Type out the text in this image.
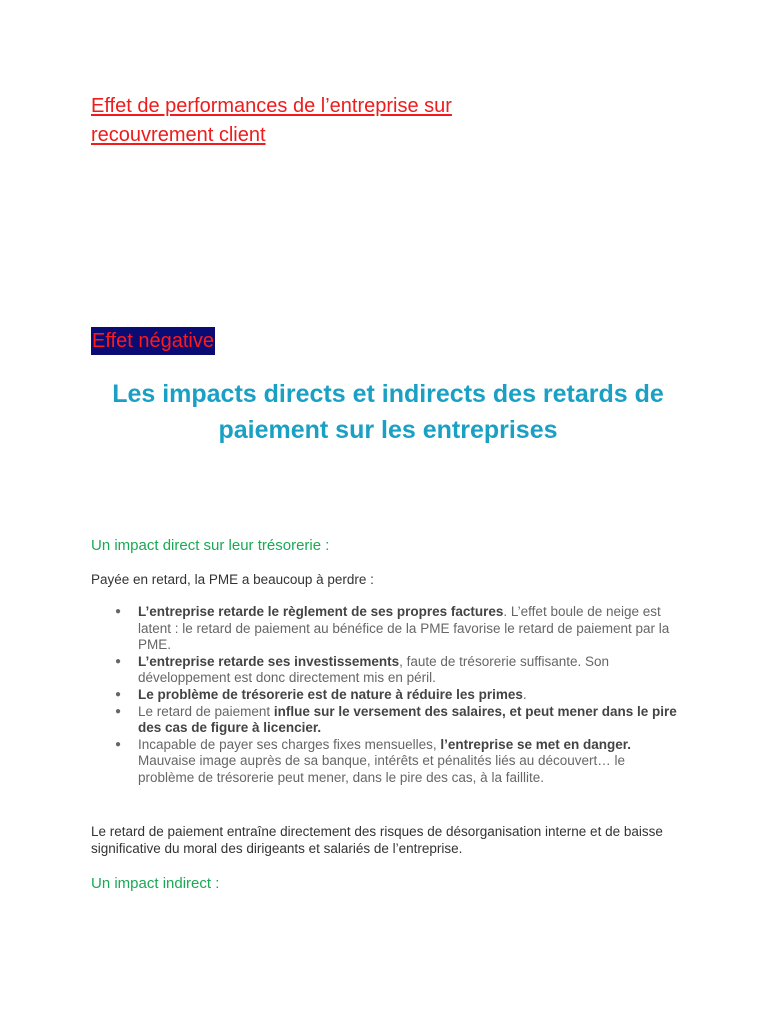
Effet de performances de l’entreprise sur
recouvrement client
Effet négative
Les impacts directs et indirects des retards de paiement sur les entreprises
Un impact direct sur leur trésorerie :

Payée en retard, la PME a beaucoup à perdre :

● L’entreprise retarde le règlement de ses propres factures. L’effet boule de neige est latent : le retard de paiement au bénéfice de la PME favorise le retard de paiement par la PME.
● L’entreprise retarde ses investissements, faute de trésorerie suffisante. Son développement est donc directement mis en péril.
● Le problème de trésorerie est de nature à réduire les primes.
● Le retard de paiement influe sur le versement des salaires, et peut mener dans le pire des cas de figure à licencier.
● Incapable de payer ses charges fixes mensuelles, l’entreprise se met en danger. Mauvaise image auprès de sa banque, intérêts et pénalités liés au découvert… le problème de trésorerie peut mener, dans le pire des cas, à la faillite.

Le retard de paiement entraîne directement des risques de désorganisation interne et de baisse significative du moral des dirigeants et salariés de l’entreprise.

Un impact indirect :
